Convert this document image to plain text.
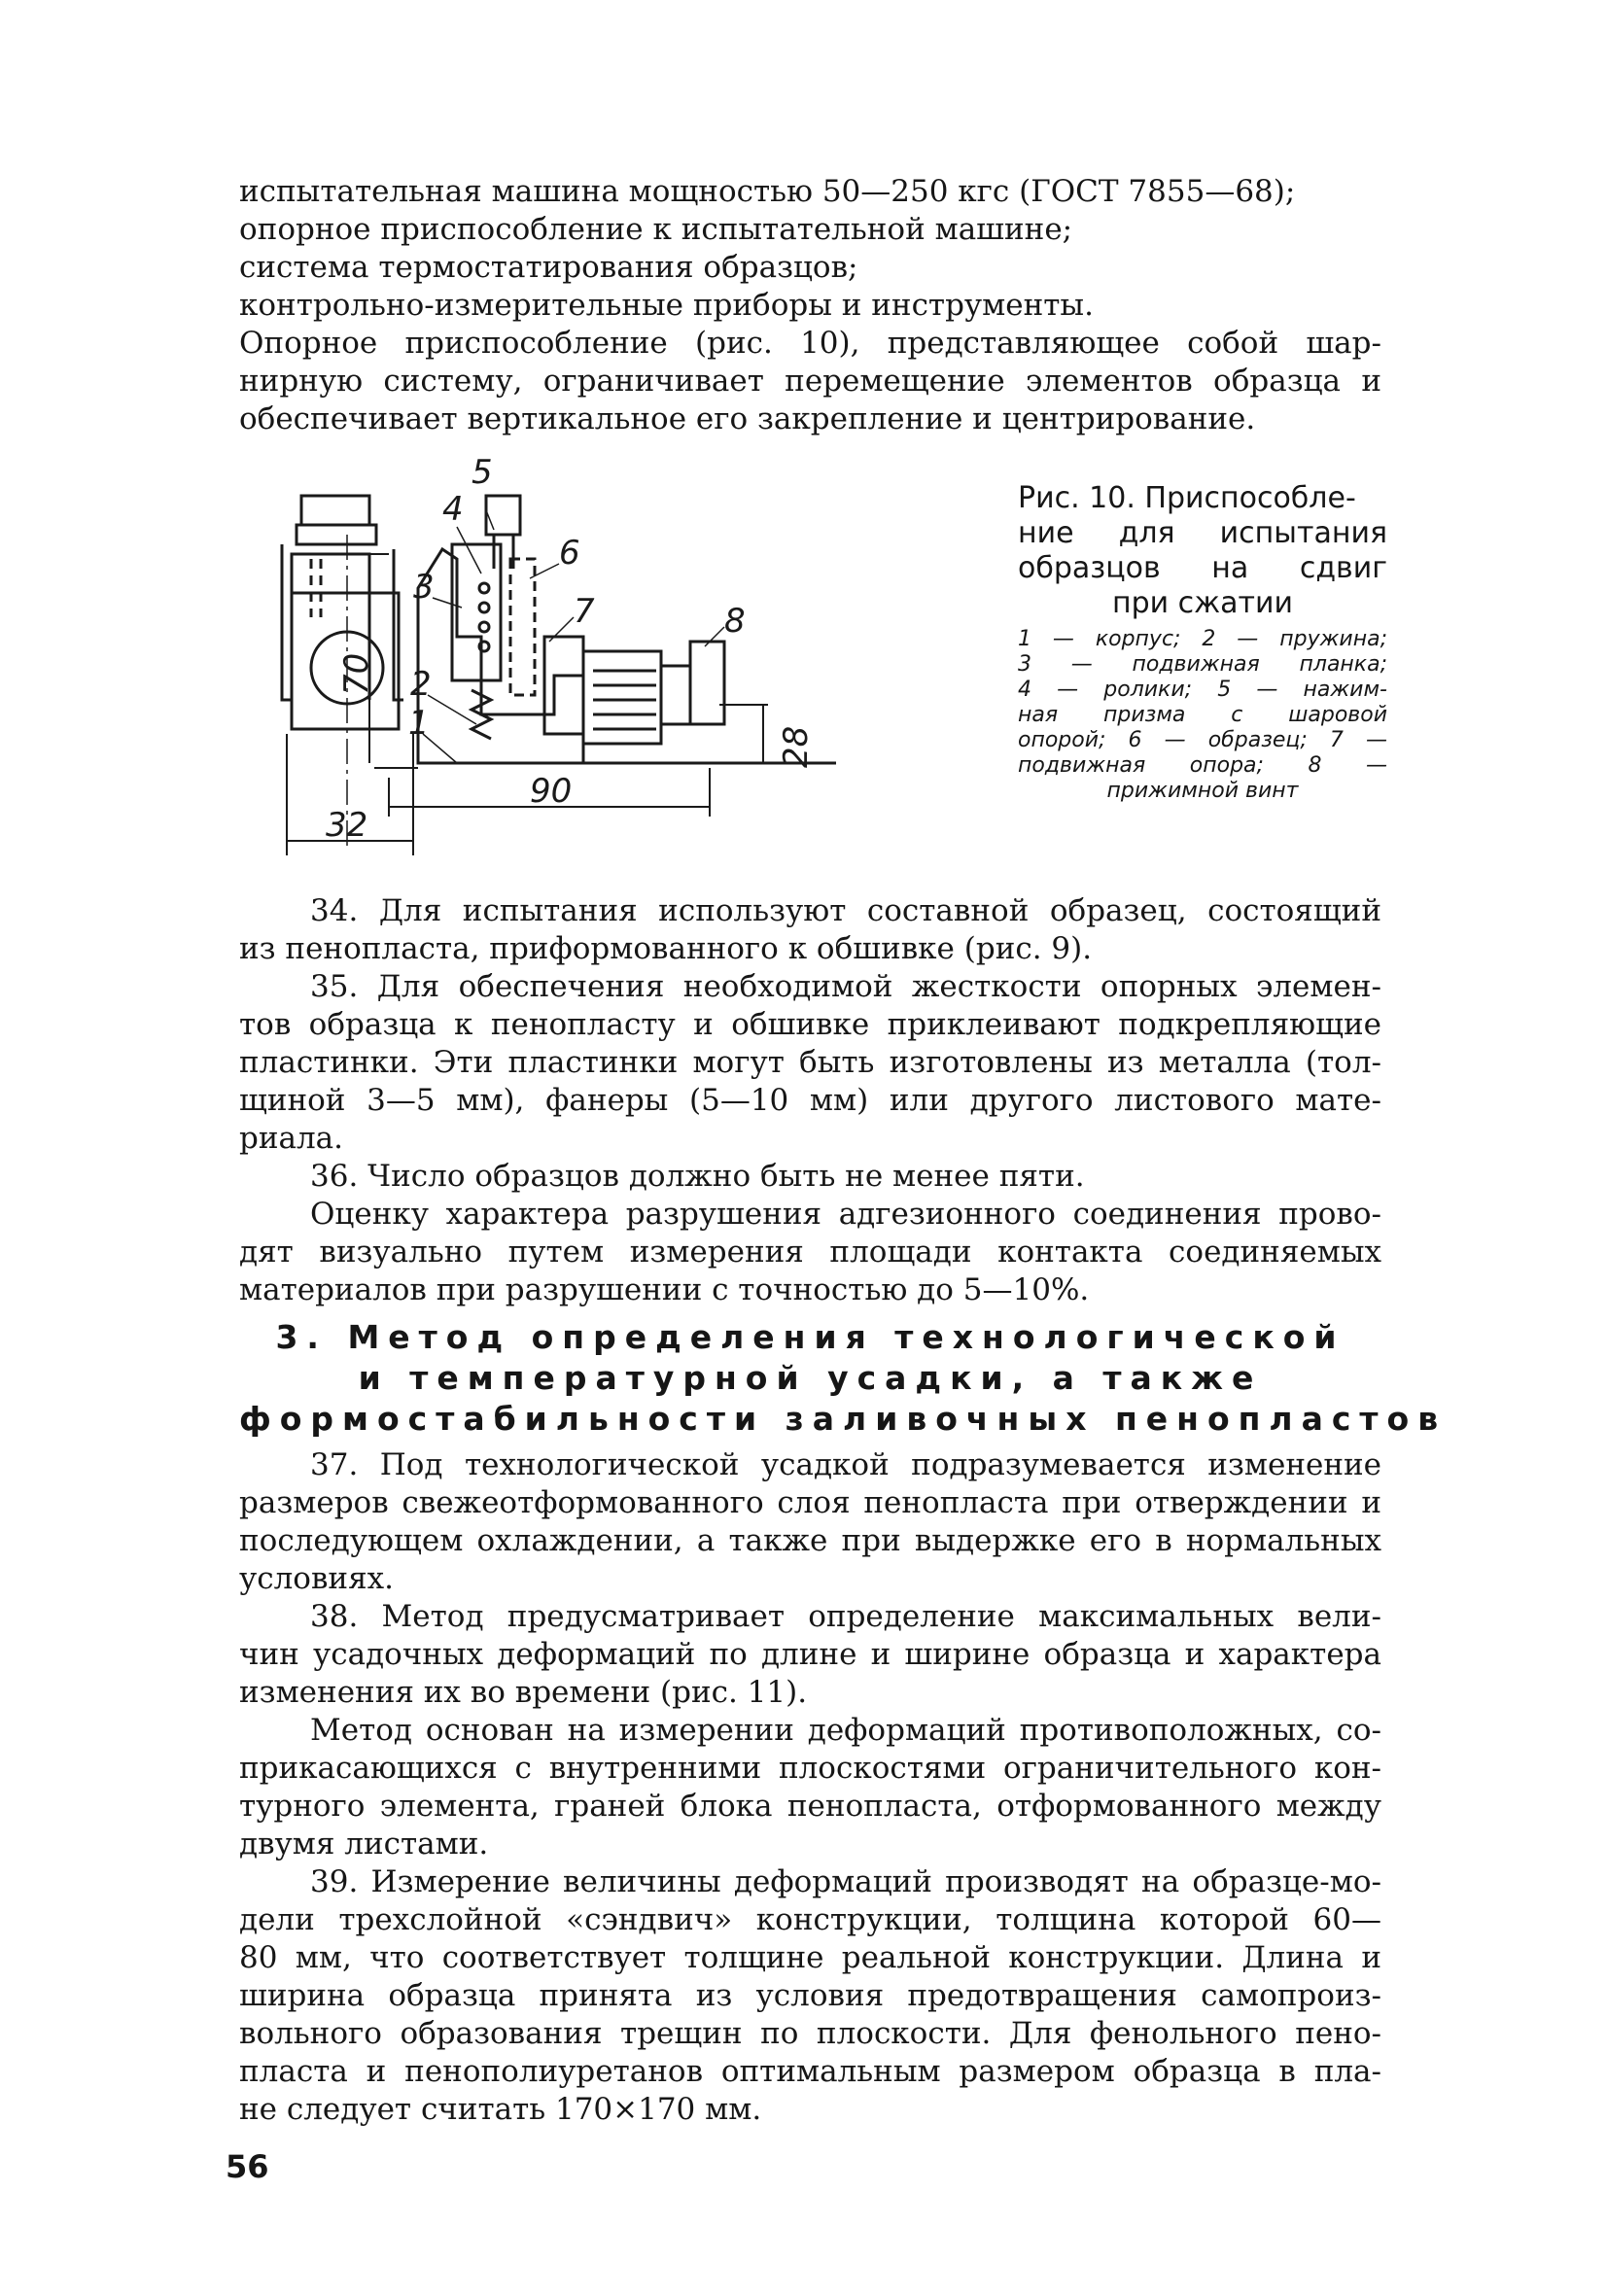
испытательная машина мощностью 50—250 кгс (ГОСТ 7855—68);
опорное приспособление к испытательной машине;
система термостатирования образцов;
контрольно-измерительные приборы и инструменты.
Опорное приспособление (рис. 10), представляющее собой шар-
нирную систему, ограничивает перемещение элементов образца и
обеспечивает вертикальное его закрепление и центрирование.
5
4
3
6
7	8
2
1
70
32
90
28
Рис. 10. Приспособле-
ние для испытания
образцов на сдвиг
при сжатии
1 — корпус; 2 — пружина;
3 — подвижная планка;
4 — ролики; 5 — нажим-
ная призма с шаровой
опорой; 6 — образец; 7 —
подвижная опора; 8 —
прижимной винт
34. Для испытания используют составной образец, состоящий
из пенопласта, приформованного к обшивке (рис. 9).
35. Для обеспечения необходимой жесткости опорных элемен-
тов образца к пенопласту и обшивке приклеивают подкрепляющие
пластинки. Эти пластинки могут быть изготовлены из металла (тол-
щиной 3—5 мм), фанеры (5—10 мм) или другого листового мате-
риала.
36. Число образцов должно быть не менее пяти.
Оценку характера разрушения адгезионного соединения прово-
дят визуально путем измерения площади контакта соединяемых
материалов при разрушении с точностью до 5—10%.
3. Метод определения технологической
и температурной усадки, а также
формостабильности заливочных пенопластов
37. Под технологической усадкой подразумевается изменение
размеров свежеотформованного слоя пенопласта при отверждении и
последующем охлаждении, а также при выдержке его в нормальных
условиях.
38. Метод предусматривает определение максимальных вели-
чин усадочных деформаций по длине и ширине образца и характера
изменения их во времени (рис. 11).
Метод основан на измерении деформаций противоположных, со-
прикасающихся с внутренними плоскостями ограничительного кон-
турного элемента, граней блока пенопласта, отформованного между
двумя листами.
39. Измерение величины деформаций производят на образце-мо-
дели трехслойной «сэндвич» конструкции, толщина которой 60—
80 мм, что соответствует толщине реальной конструкции. Длина и
ширина образца принята из условия предотвращения самопроиз-
вольного образования трещин по плоскости. Для фенольного пено-
пласта и пенополиуретанов оптимальным размером образца в пла-
не следует считать 170×170 мм.
56
